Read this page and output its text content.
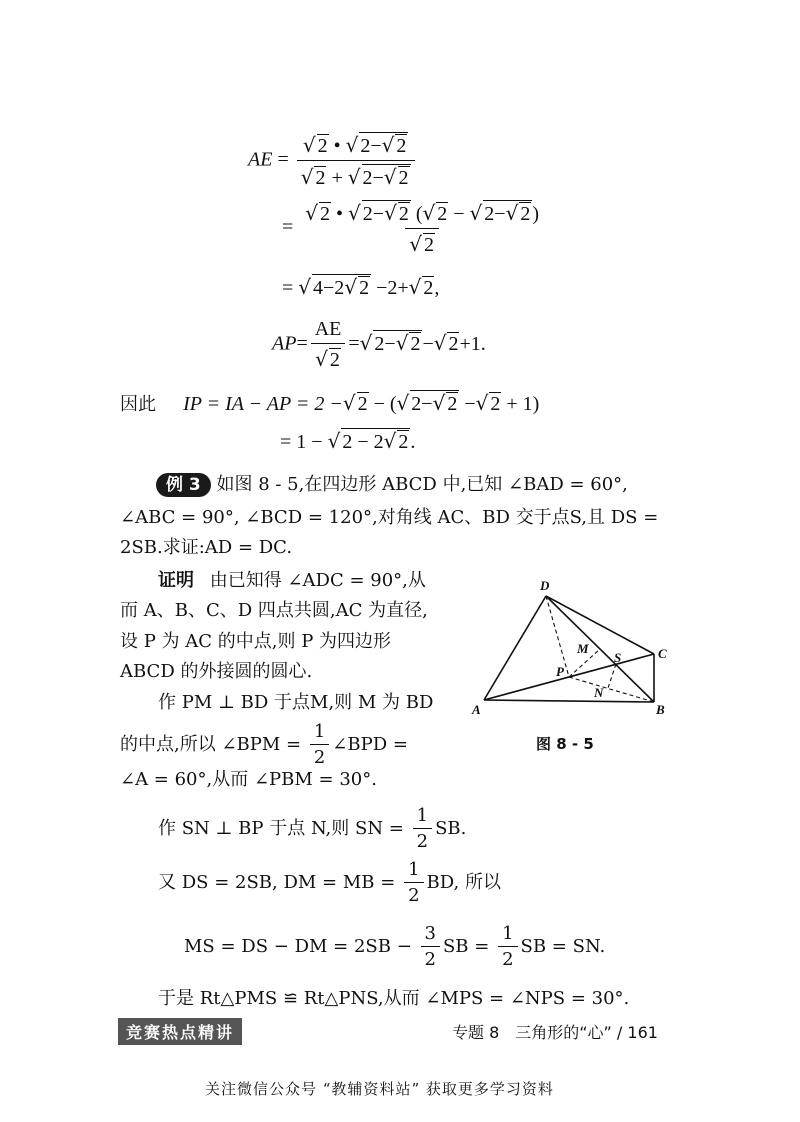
AE = $\frac{√ 2 • √ 2-√ 2}{√ 2 + √ 2-√ 2}$
= $\frac{√ 2 • √ 2-√ 2 (√ 2 - √ 2-√ 2 )}{√ 2}$
= √ 4−2√ 2 −2+√ 2,
$AP= \frac{AE}{√ 2}$ =√ 2−√ 2 −√ 2+1.
因此 IP = IA − AP = 2 −√ 2 − (√ 2−√ 2 −√ 2 + 1)
= 1 − √ 2 − 2√ 2 .
例 3 如图 8 - 5,在四边形 ABCD 中,已知 ∠BAD = 60°,
∠ABC = 90°, ∠BCD = 120°,对角线 AC、BD 交于点S,且 DS =
2SB.求证:AD = DC.
证明 由已知得 ∠ADC = 90°,从
而 A、B、C、D 四点共圆,AC 为直径,
设 P 为 AC 的中点,则 P 为四边形
ABCD 的外接圆的圆心.
作 PM ⊥ BD 于点M,则 M 为 BD
的中点,所以 ∠BPM = $\frac{1}{2}$ ∠BPD =
∠A = 60°,从而 ∠PBM = 30°.
作 SN ⊥ BP 于点 N,则 SN = $\frac{1}{2}$ SB.
又 DS = 2SB, DM = MB = $\frac{1}{2}$ BD, 所以
MS = DS − DM = $2SB - \frac{3}{2}$ SB = $\frac{1}{2}$ SB = SN.
于是 Rt△PMS ≌ Rt△PNS,从而 ∠MPS = ∠NPS = 30°.
A	B
C
D
P
M
S
N
图 8 - 5
竞赛热点精讲	专题 8　三角形的“心” / 161
关注微信公众号 “教辅资料站” 获取更多学习资料
